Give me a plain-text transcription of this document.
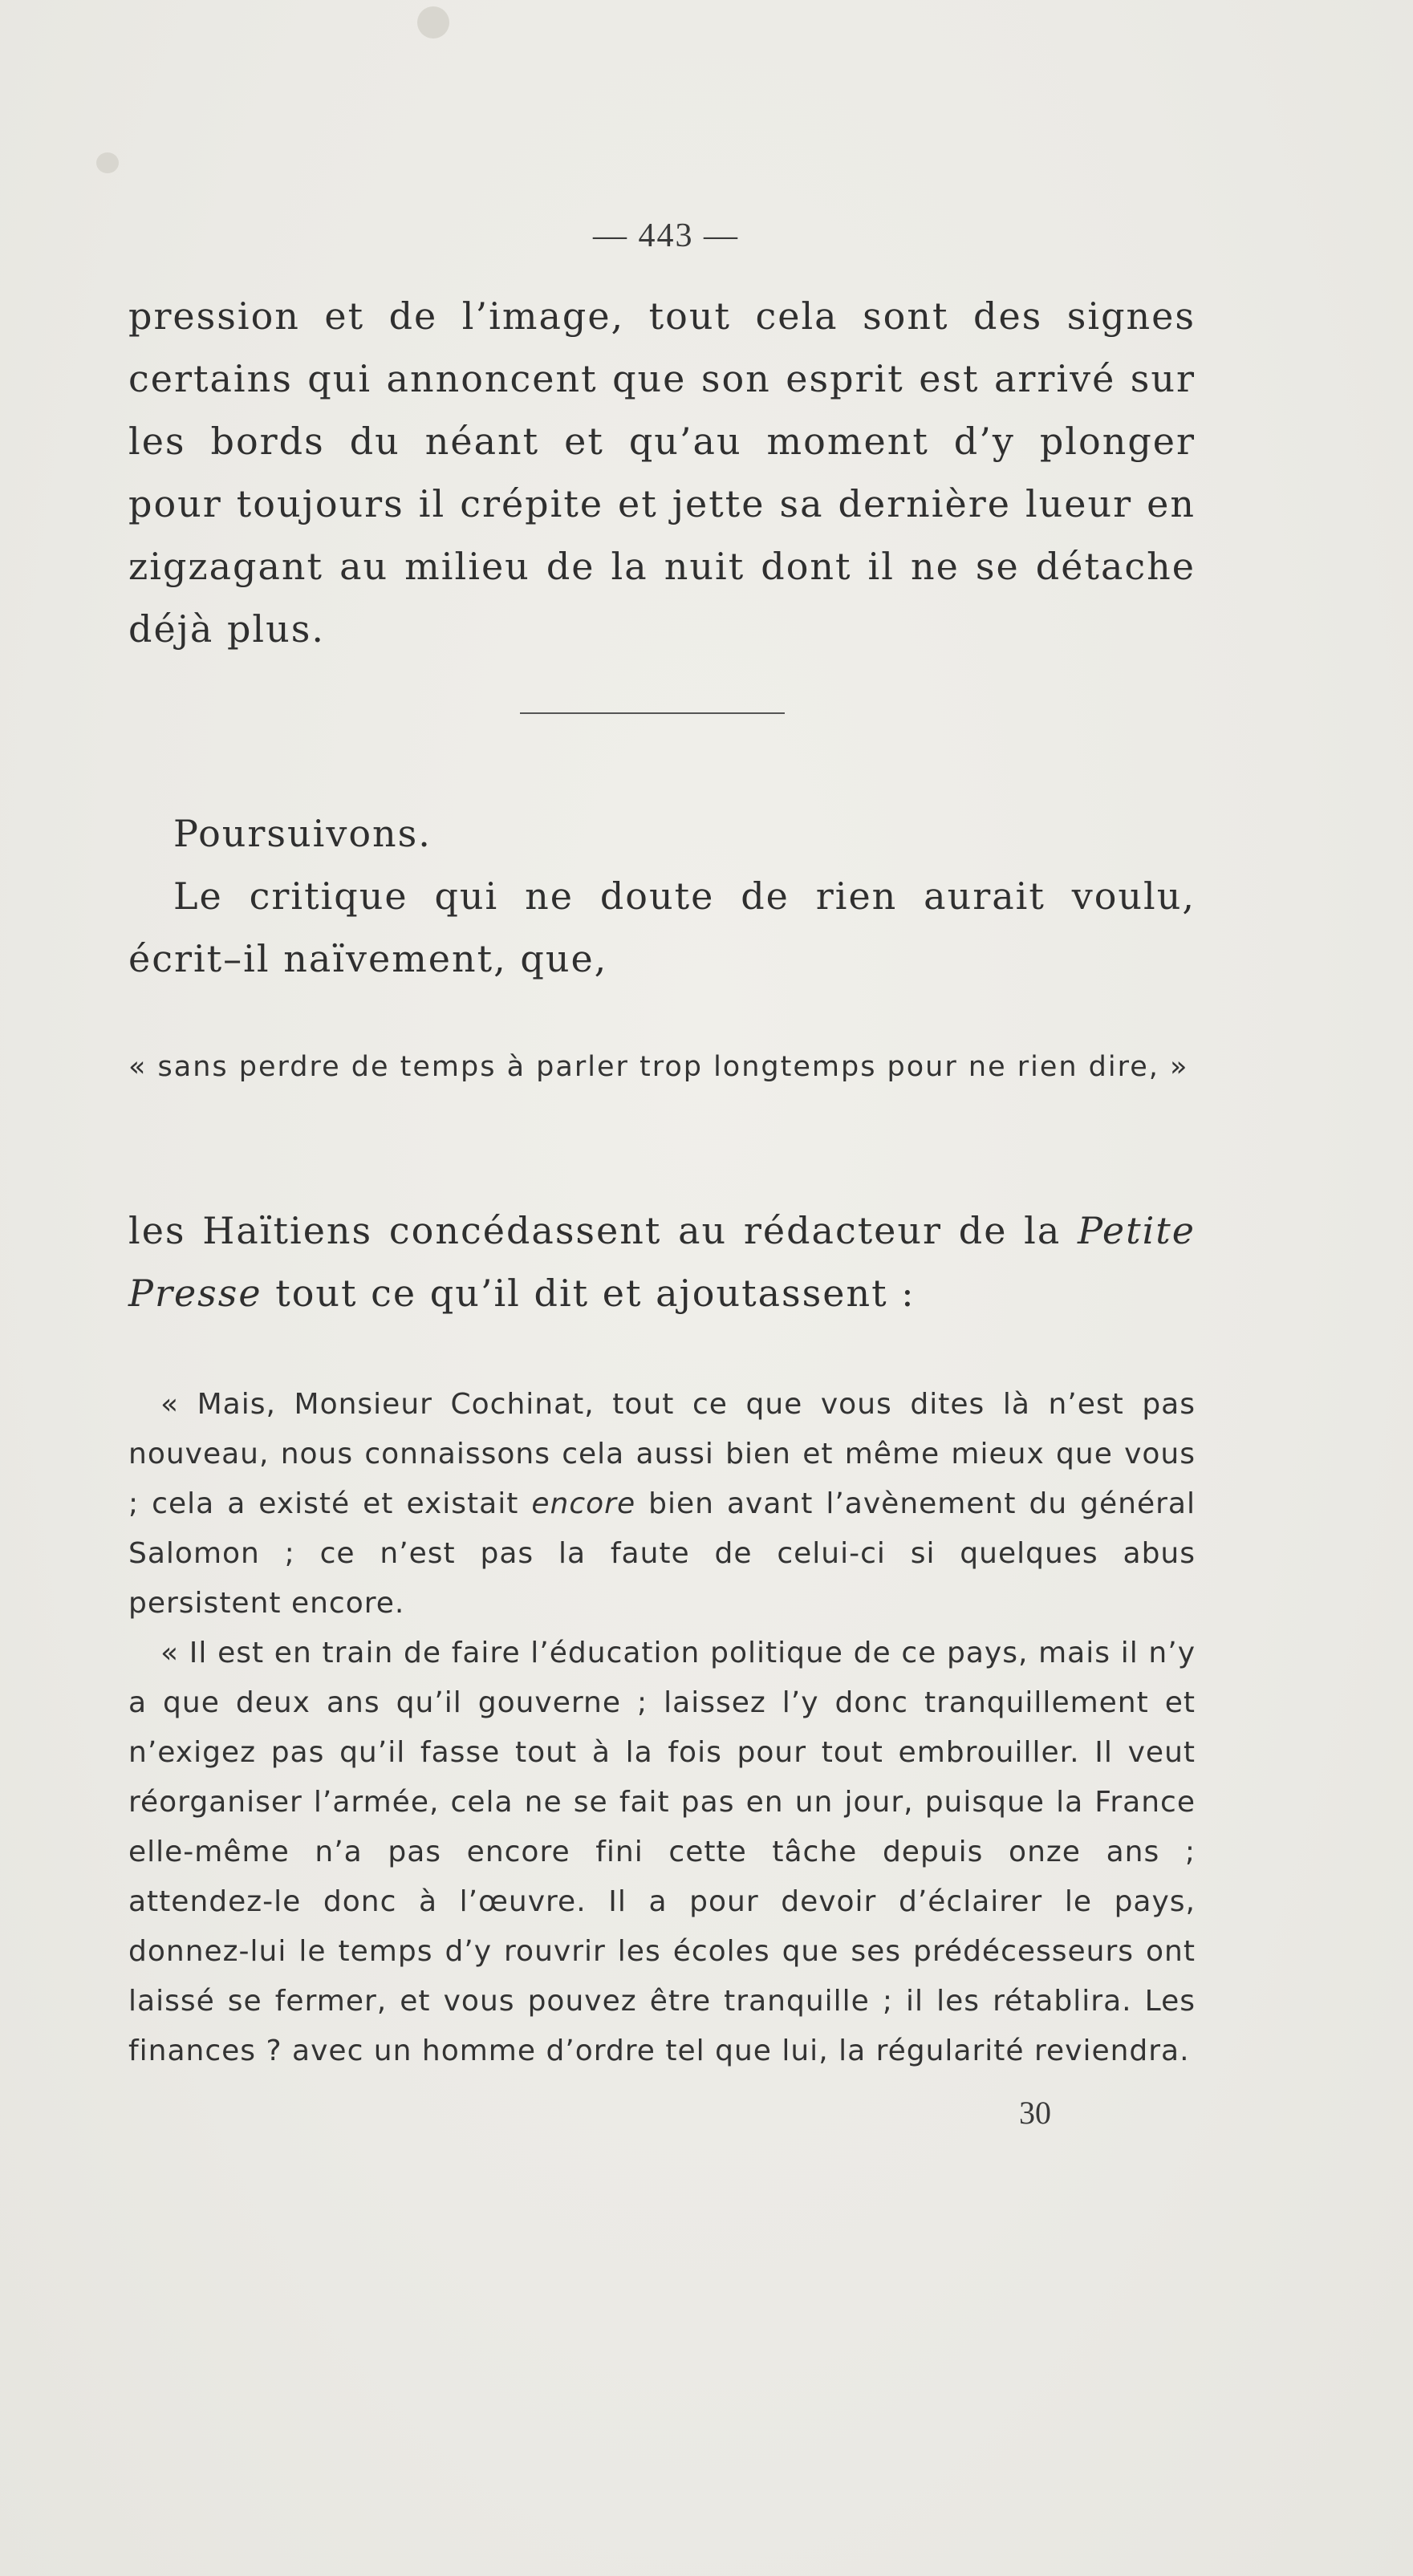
— 443 —

pression et de l’image, tout cela sont des signes certains qui annoncent que son esprit est arrivé sur les bords du néant et qu’au moment d’y plonger pour toujours il crépite et jette sa dernière lueur en zigzagant au milieu de la nuit dont il ne se détache déjà plus.

Poursuivons.
Le critique qui ne doute de rien aurait voulu, écrit–il naïvement, que,

« sans perdre de temps à parler trop longtemps pour ne rien dire, »

les Haïtiens concédassent au rédacteur de la Petite Presse tout ce qu’il dit et ajoutassent :

« Mais, Monsieur Cochinat, tout ce que vous dites là n’est pas nouveau, nous connaissons cela aussi bien et même mieux que vous ; cela a existé et existait encore bien avant l’avènement du général Salomon ; ce n’est pas la faute de celui-ci si quelques abus persistent encore.
« Il est en train de faire l’éducation politique de ce pays, mais il n’y a que deux ans qu’il gouverne ; laissez l’y donc tranquillement et n’exigez pas qu’il fasse tout à la fois pour tout embrouiller. Il veut réorganiser l’armée, cela ne se fait pas en un jour, puisque la France elle-même n’a pas encore fini cette tâche depuis onze ans ; attendez-le donc à l’œuvre. Il a pour devoir d’éclairer le pays, donnez-lui le temps d’y rouvrir les écoles que ses prédécesseurs ont laissé se fermer, et vous pouvez être tranquille ; il les rétablira. Les finances ? avec un homme d’ordre tel que lui, la régularité reviendra.
30
